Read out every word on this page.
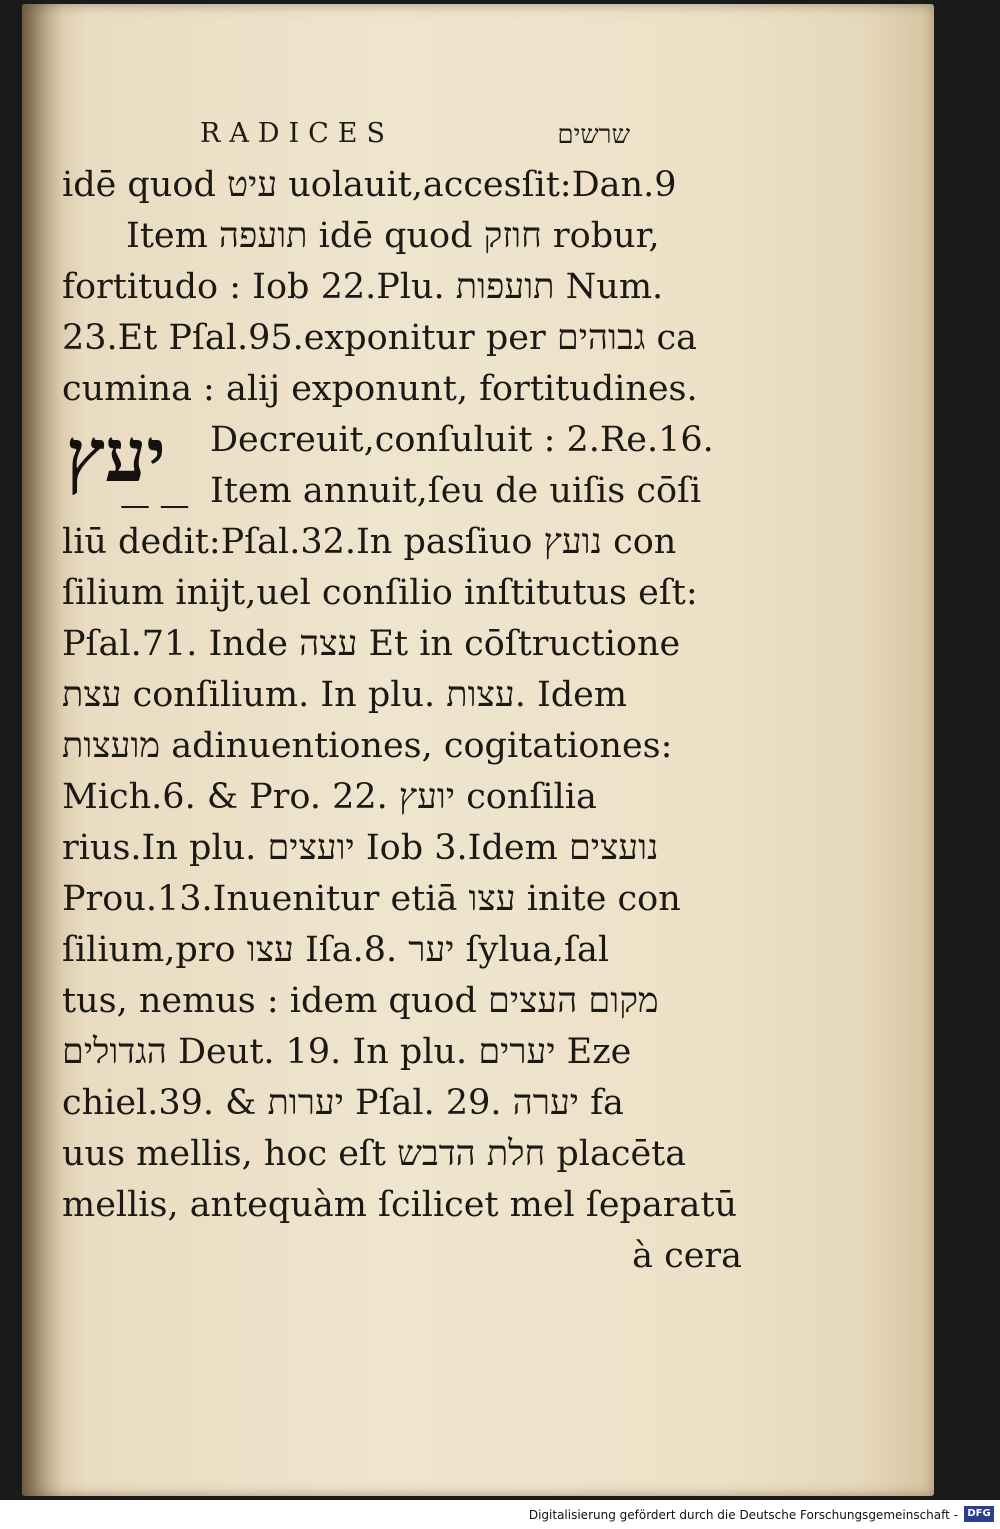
RADICES	שרשים
יעץ
— —
idē quod עיט uolauit,accesſit:Dan.9
Item תועפה idē quod חוזק robur,
fortitudo : Iob 22.Plu. תועפות Num.
23.Et Pſal.95.exponitur per גבוהים ca
cumina : alij exponunt, fortitudines.
Decreuit,conſuluit : 2.Re.16.
Item annuit,ſeu de uiſis cōſi
liū dedit:Pſal.32.In pasſiuo נועץ con
ſilium inijt,uel conſilio inſtitutus eſt:
Pſal.71. Inde עצה Et in cōſtructione
עצת conſilium. In plu. עצות. Idem
מועצות adinuentiones, cogitationes:
Mich.6. & Pro. 22. יועץ conſilia
rius.In plu. יועצים Iob 3.Idem נועצים
Prou.13.Inuenitur etiā עצו inite con
ſilium,pro עצו Iſa.8. יער ſylua,ſal
tus, nemus : idem quod מקום העצים
הגדולים Deut. 19. In plu. יערים Eze
chiel.39. & יערות Pſal. 29. יערה fa
uus mellis, hoc eſt חלת הדבש placēta
mellis, antequàm ſcilicet mel ſeparatū
à cera
Digitalisierung gefördert durch die Deutsche Forschungsgemeinschaft - DFG
